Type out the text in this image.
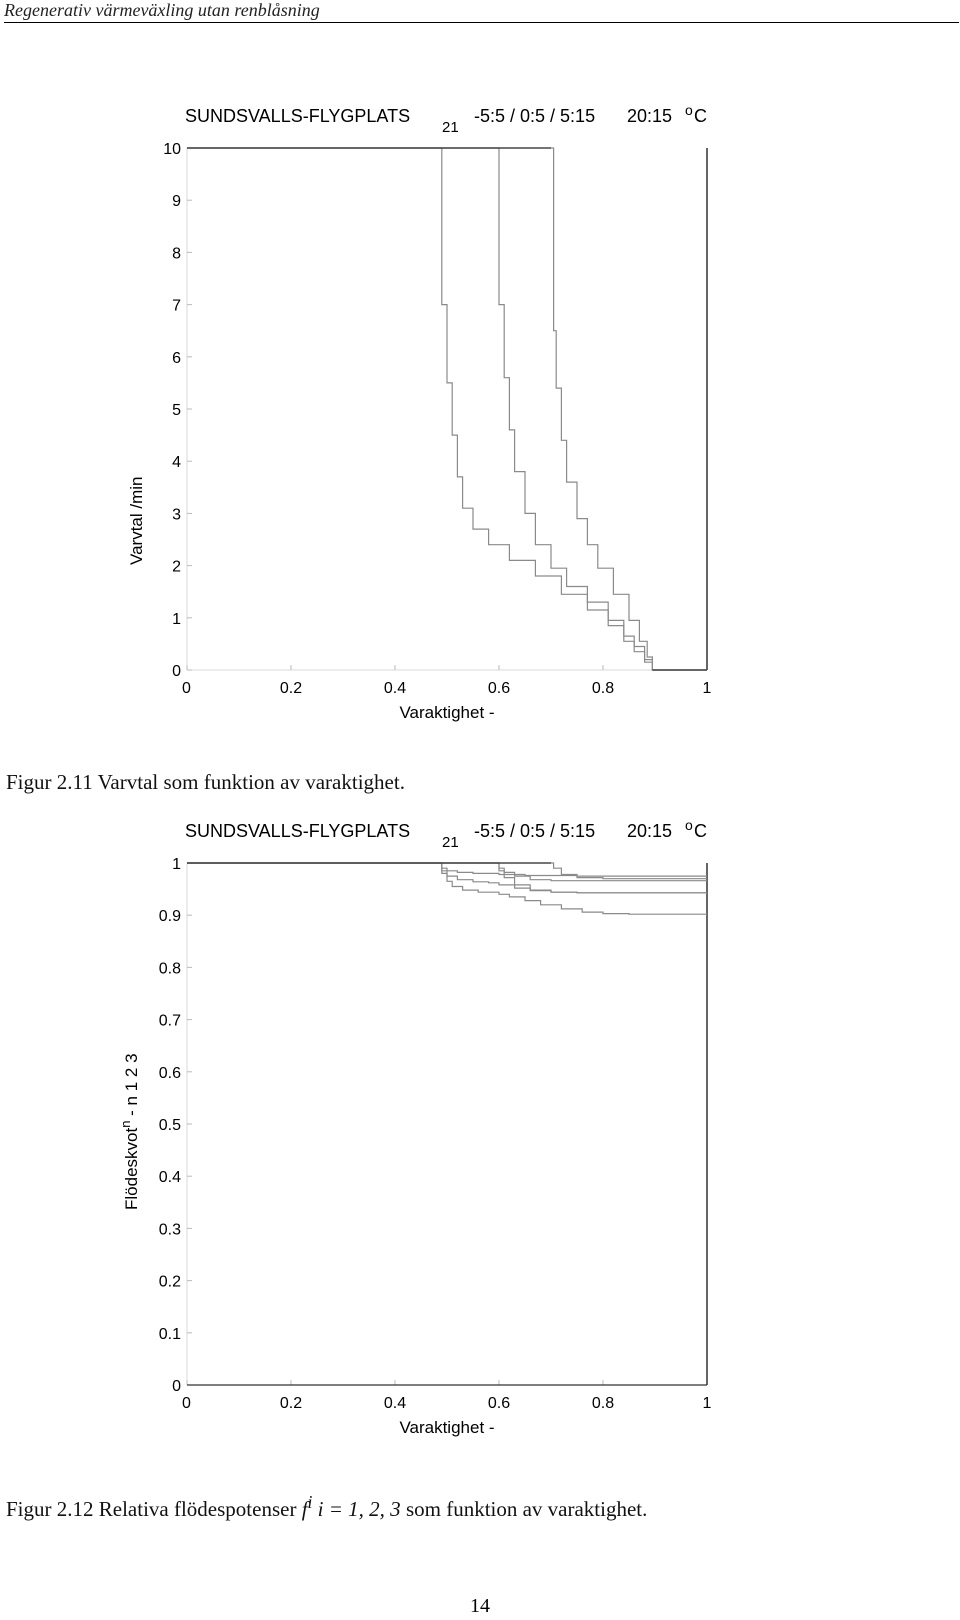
Regenerativ värmeväxling utan renblåsning
SUNDSVALLS-FLYGPLATS
21
-5:5 / 0:5 / 5:15 20:15 o C
0
1
2
3
4
5
6
7
8
9
10
0	0.2	0.4	0.6	0.8	1
Varaktighet -
Varvtal /min
Figur 2.11 Varvtal som funktion av varaktighet.
SUNDSVALLS-FLYGPLATS
21
-5:5 / 0:5 / 5:15 20:15 o C
0
0.1
0.2
0.3
0.4
0.5
0.6
0.7
0.8
0.9
1
0	0.2	0.4	0.6	0.8	1
Varaktighet -
Flödeskvot$^n$ - n 1 2 3
Figur 2.12 Relativa flödespotenser $f^i$ i = 1, 2, 3 som funktion av varaktighet.
14
